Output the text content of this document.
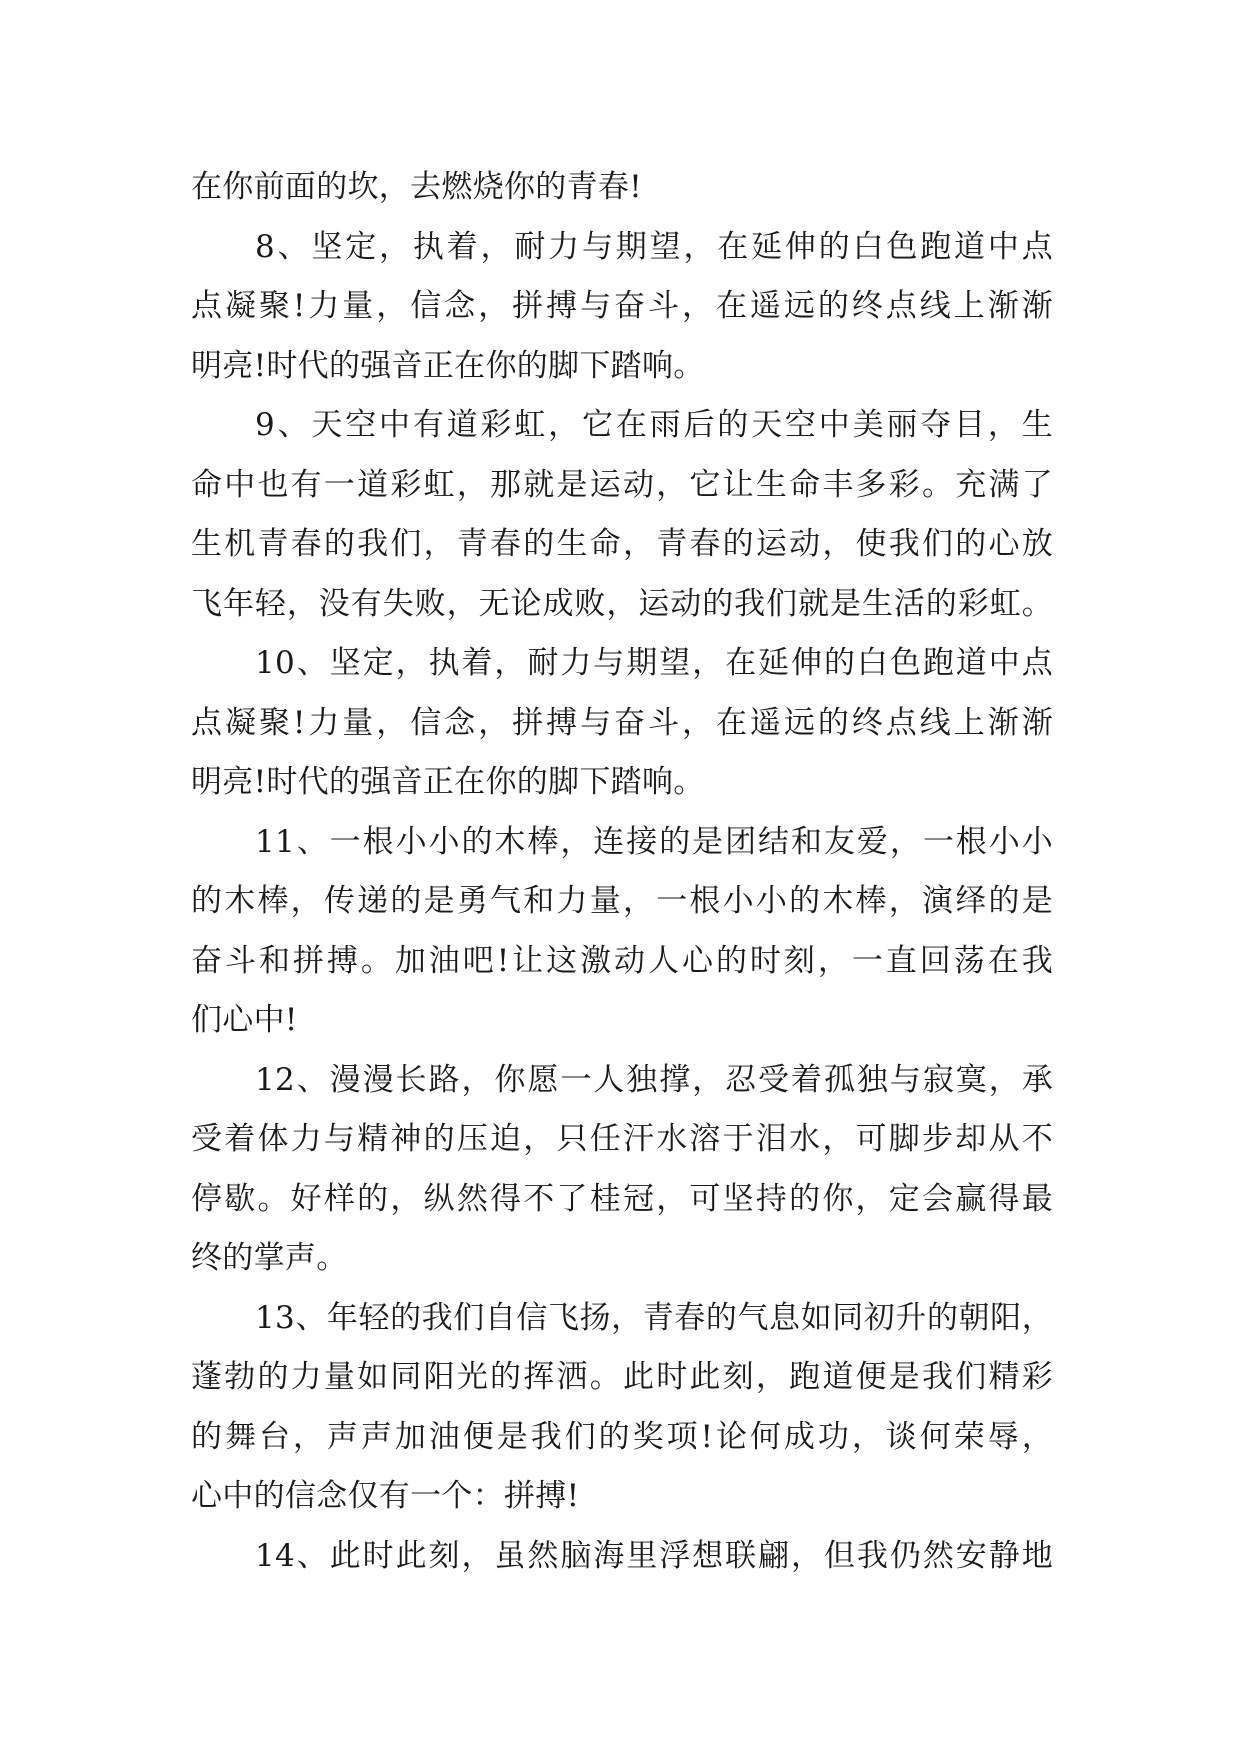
在你前面的坎，去燃烧你的青春!
8、坚定，执着，耐力与期望，在延伸的白色跑道中点
点凝聚!力量，信念，拼搏与奋斗，在遥远的终点线上渐渐
明亮!时代的强音正在你的脚下踏响。
9、天空中有道彩虹，它在雨后的天空中美丽夺目，生
命中也有一道彩虹，那就是运动，它让生命丰多彩。充满了
生机青春的我们，青春的生命，青春的运动，使我们的心放
飞年轻，没有失败，无论成败，运动的我们就是生活的彩虹。
10、坚定，执着，耐力与期望，在延伸的白色跑道中点
点凝聚!力量，信念，拼搏与奋斗，在遥远的终点线上渐渐
明亮!时代的强音正在你的脚下踏响。
11、一根小小的木棒，连接的是团结和友爱，一根小小
的木棒，传递的是勇气和力量，一根小小的木棒，演绎的是
奋斗和拼搏。加油吧!让这激动人心的时刻，一直回荡在我
们心中!
12、漫漫长路，你愿一人独撑，忍受着孤独与寂寞，承
受着体力与精神的压迫，只任汗水溶于泪水，可脚步却从不
停歇。好样的，纵然得不了桂冠，可坚持的你，定会赢得最
终的掌声。
13、年轻的我们自信飞扬，青春的气息如同初升的朝阳，
蓬勃的力量如同阳光的挥洒。此时此刻，跑道便是我们精彩
的舞台，声声加油便是我们的奖项!论何成功，谈何荣辱，
心中的信念仅有一个：拼搏!
14、此时此刻，虽然脑海里浮想联翩，但我仍然安静地
